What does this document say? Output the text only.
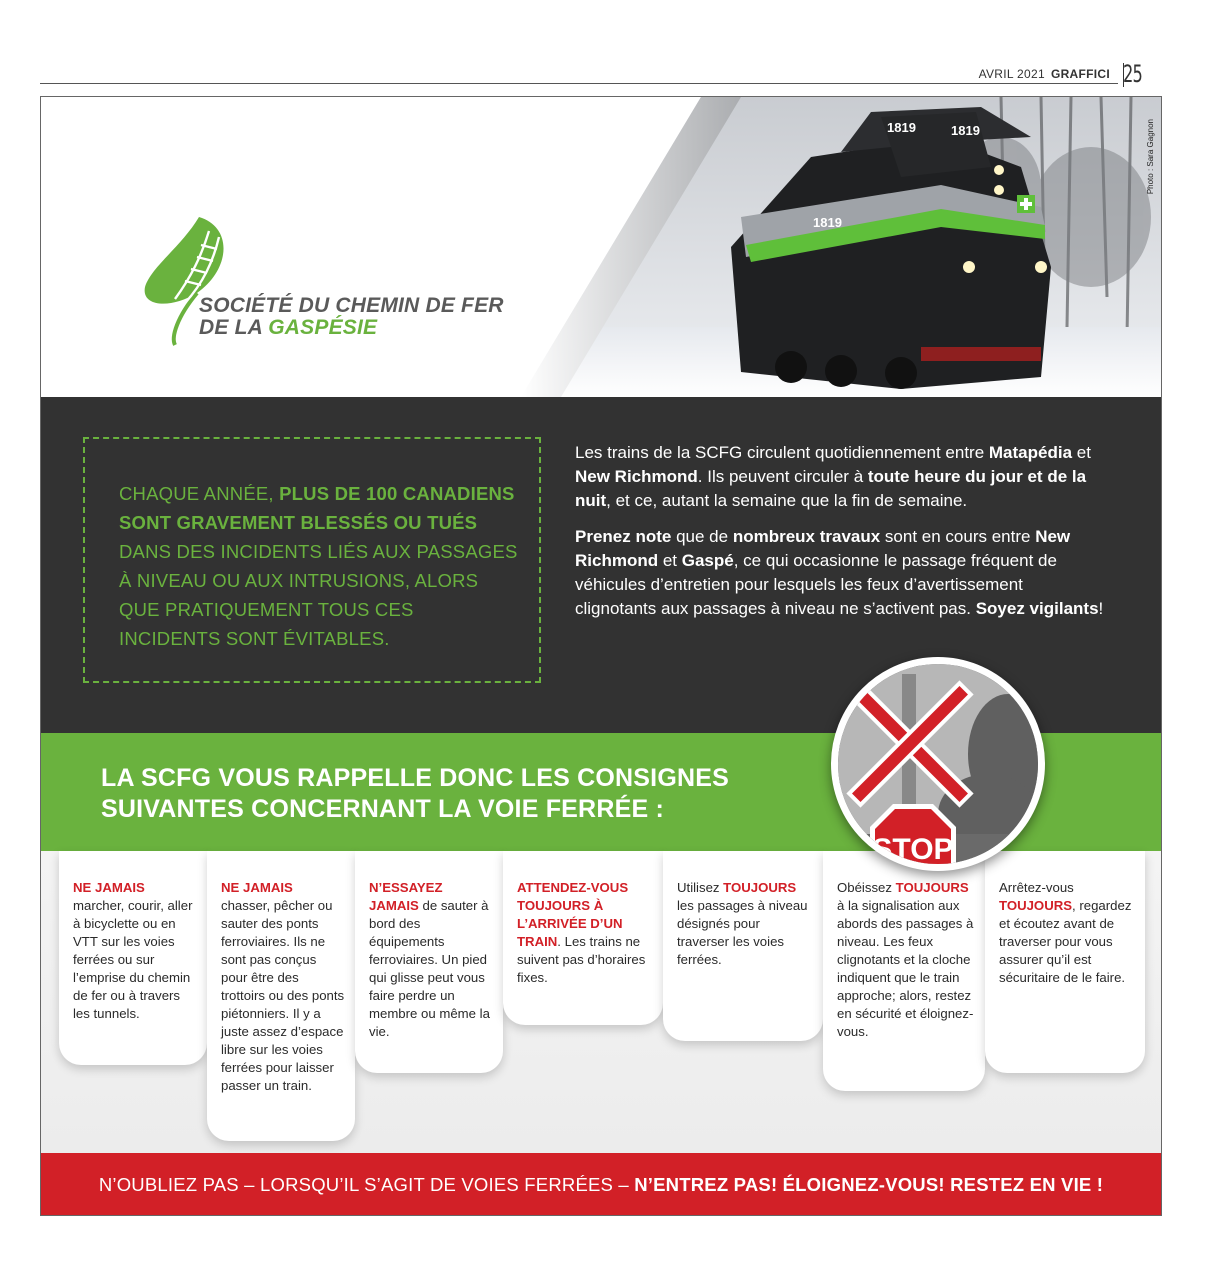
AVRIL 2021 GRAFFICI 25
1819	1819
1819
SOCIÉTÉ DU CHEMIN DE FER
DE LA GASPÉSIE
Photo : Sara Gagnon

CHAQUE ANNÉE, PLUS DE 100 CANADIENS SONT GRAVEMENT BLESSÉS OU TUÉS DANS DES INCIDENTS LIÉS AUX PASSAGES À NIVEAU OU AUX INTRUSIONS, ALORS QUE PRATIQUEMENT TOUS CES INCIDENTS SONT ÉVITABLES.

Les trains de la SCFG circulent quotidiennement entre Matapédia et New Richmond. Ils peuvent circuler à toute heure du jour et de la nuit, et ce, autant la semaine que la fin de semaine.

Prenez note que de nombreux travaux sont en cours entre New Richmond et Gaspé, ce qui occasionne le passage fréquent de véhicules d’entretien pour lesquels les feux d’avertissement clignotants aux passages à niveau ne s’activent pas. Soyez vigilants!

LA SCFG VOUS RAPPELLE DONC LES CONSIGNES
SUIVANTES CONCERNANT LA VOIE FERRÉE :
STOP
NE JAMAIS
marcher, courir, aller à bicyclette ou en VTT sur les voies ferrées ou sur l’emprise du chemin de fer ou à travers les tunnels.
NE JAMAIS
chasser, pêcher ou sauter des ponts ferroviaires. Ils ne sont pas conçus pour être des trottoirs ou des ponts piétonniers. Il y a juste assez d’espace libre sur les voies ferrées pour laisser passer un train.
N’ESSAYEZ JAMAIS de sauter à bord des équipements ferroviaires. Un pied qui glisse peut vous faire perdre un membre ou même la vie.
ATTENDEZ-VOUS TOUJOURS À L’ARRIVÉE D’UN TRAIN. Les trains ne suivent pas d’horaires fixes.
Utilisez TOUJOURS les passages à niveau désignés pour traverser les voies ferrées.
Obéissez TOUJOURS à la signalisation aux abords des passages à niveau. Les feux clignotants et la cloche indiquent que le train approche; alors, restez en sécurité et éloignez-vous.
Arrêtez-vous TOUJOURS, regardez et écoutez avant de traverser pour vous assurer qu’il est sécuritaire de le faire.
N’OUBLIEZ PAS – LORSQU’IL S’AGIT DE VOIES FERRÉES – N’ENTREZ PAS! ÉLOIGNEZ-VOUS! RESTEZ EN VIE !
